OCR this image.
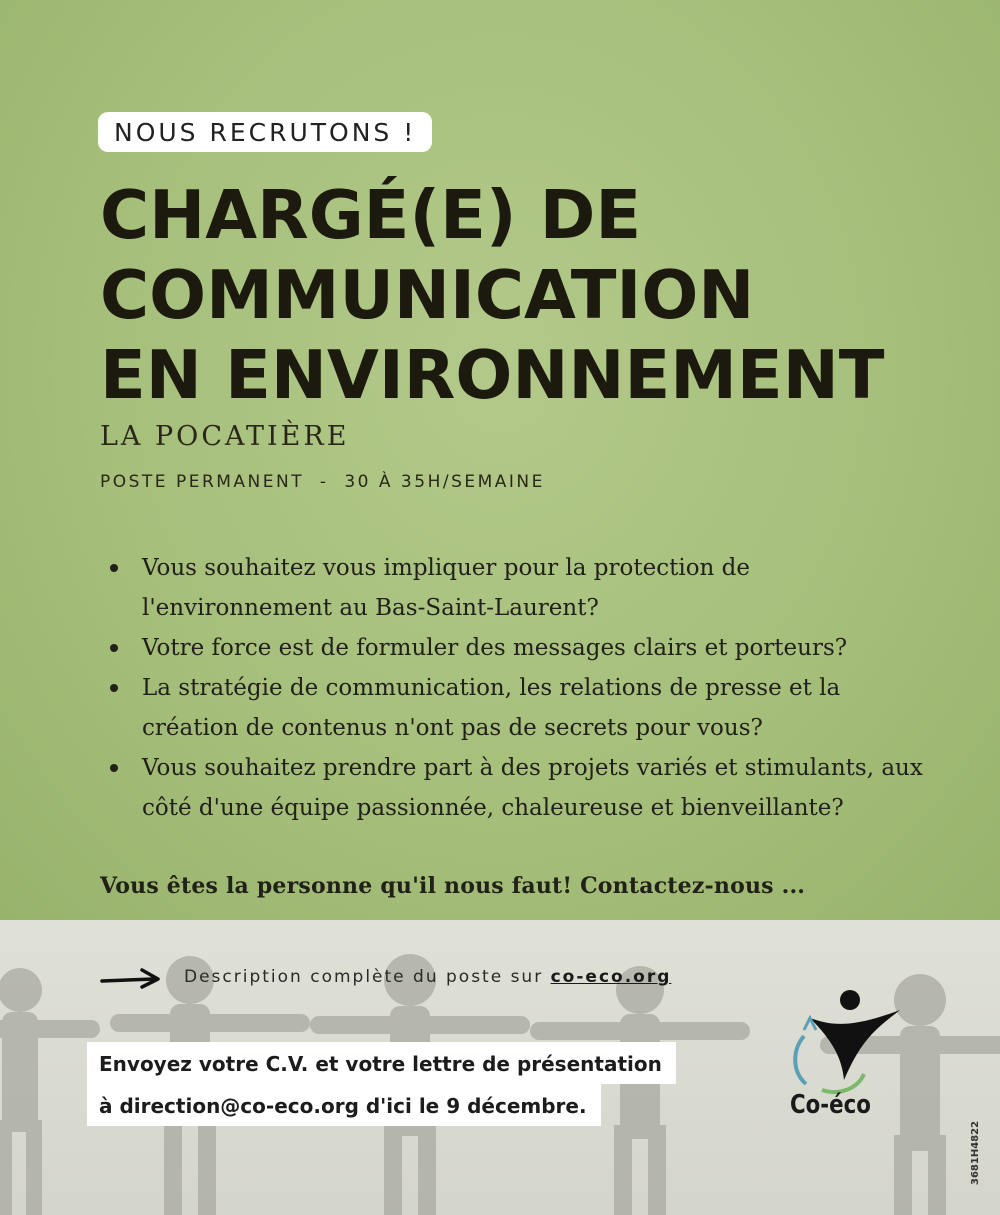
NOUS RECRUTONS !
CHARGÉ(E) DE
COMMUNICATION
EN ENVIRONNEMENT
LA POCATIÈRE
POSTE PERMANENT  -  30 À 35H/SEMAINE
Vous souhaitez vous impliquer pour la protection de l'environnement au Bas-Saint-Laurent?
Votre force est de formuler des messages clairs et porteurs?
La stratégie de communication, les relations de presse et la création de contenus n'ont pas de secrets pour vous?
Vous souhaitez prendre part à des projets variés et stimulants, aux côté d'une équipe passionnée, chaleureuse et bienveillante?
Vous êtes la personne qu'il nous faut! Contactez-nous ...
Description complète du poste sur co-eco.org
Envoyez votre C.V. et votre lettre de présentation
à direction@co-eco.org d'ici le 9 décembre.	Co-éco
3681H4822
